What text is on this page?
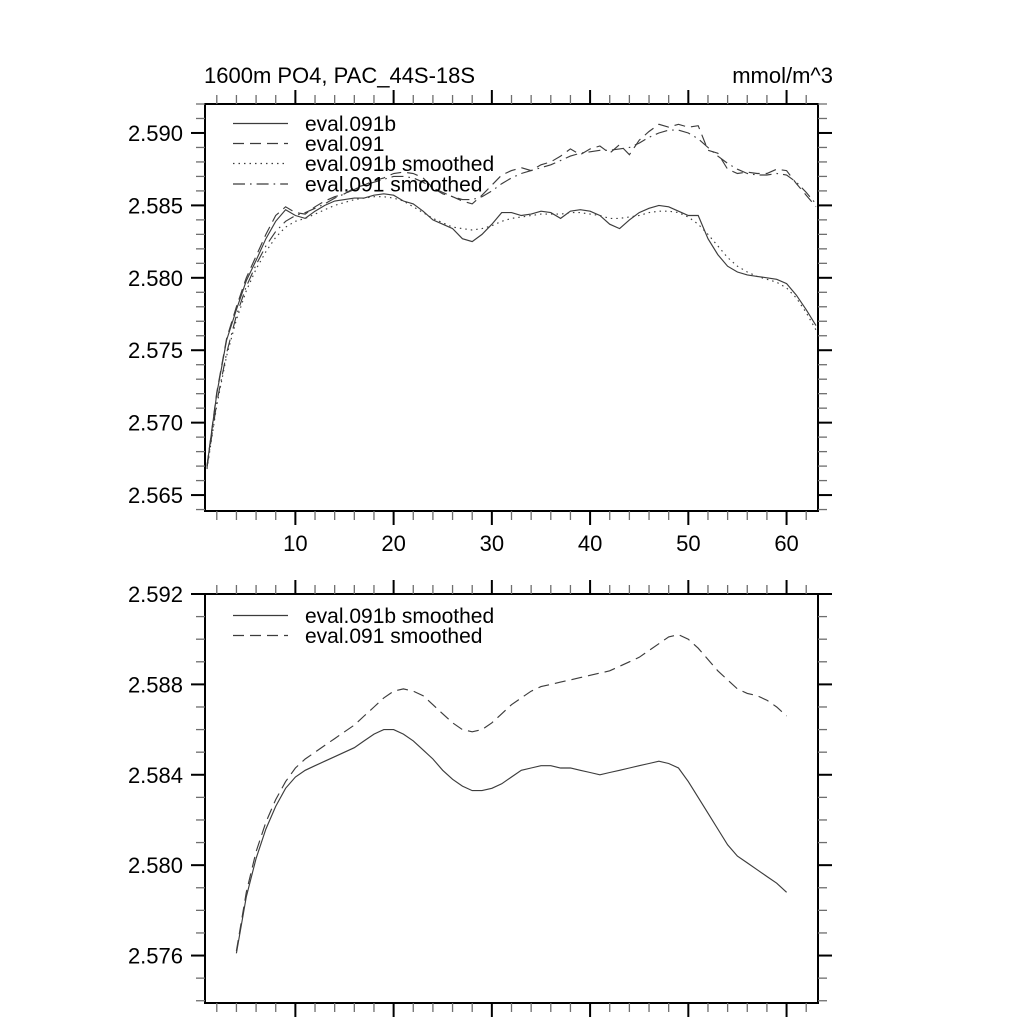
10	20	30	40	50	60
2.565
2.570
2.575
2.580
2.585
2.590
1600m PO4, PAC_44S-18S	mmol/m^3
eval.091b
eval.091
eval.091b smoothed
eval.091 smoothed
2.576
2.580
2.584
2.588
2.592
eval.091b smoothed
eval.091 smoothed
